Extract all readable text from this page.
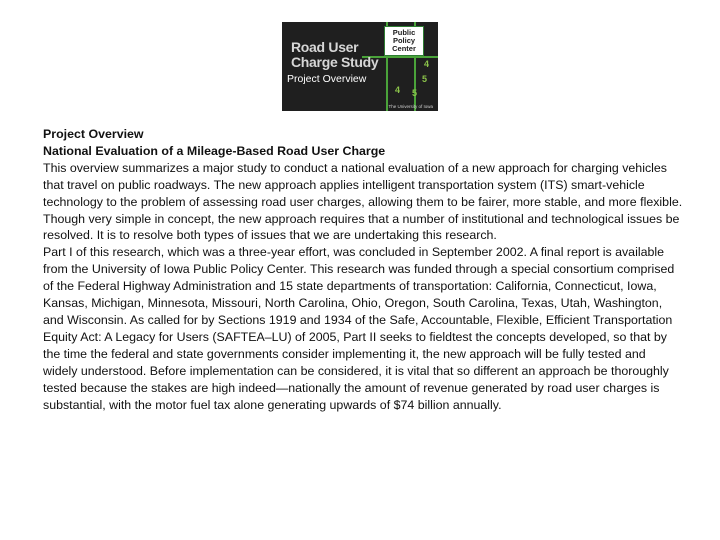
Road User
Charge Study
Project Overview
Public
Policy
Center
4
5
5
4
The University of Iowa

Project Overview

National Evaluation of a Mileage-Based Road User Charge

This overview summarizes a major study to conduct a national evaluation of a new approach for charging vehicles that travel on public roadways. The new approach applies intelligent transportation system (ITS) smart-vehicle technology to the problem of assessing road user charges, allowing them to be fairer, more stable, and more flexible. Though very simple in concept, the new approach requires that a number of institutional and technological issues be resolved. It is to resolve both types of issues that we are undertaking this research.

Part I of this research, which was a three-year effort, was concluded in September 2002. A final report is available from the University of Iowa Public Policy Center. This research was funded through a special consortium comprised of the Federal Highway Administration and 15 state departments of transportation: California, Connecticut, Iowa, Kansas, Michigan, Minnesota, Missouri, North Carolina, Ohio, Oregon, South Carolina, Texas, Utah, Washington, and Wisconsin. As called for by Sections 1919 and 1934 of the Safe, Accountable, Flexible, Efficient Transportation Equity Act: A Legacy for Users (SAFTEA–LU) of 2005, Part II seeks to fieldtest the concepts developed, so that by the time the federal and state governments consider implementing it, the new approach will be fully tested and widely understood. Before implementation can be considered, it is vital that so different an approach be thoroughly tested because the stakes are high indeed—nationally the amount of revenue generated by road user charges is substantial, with the motor fuel tax alone generating upwards of $74 billion annually.
